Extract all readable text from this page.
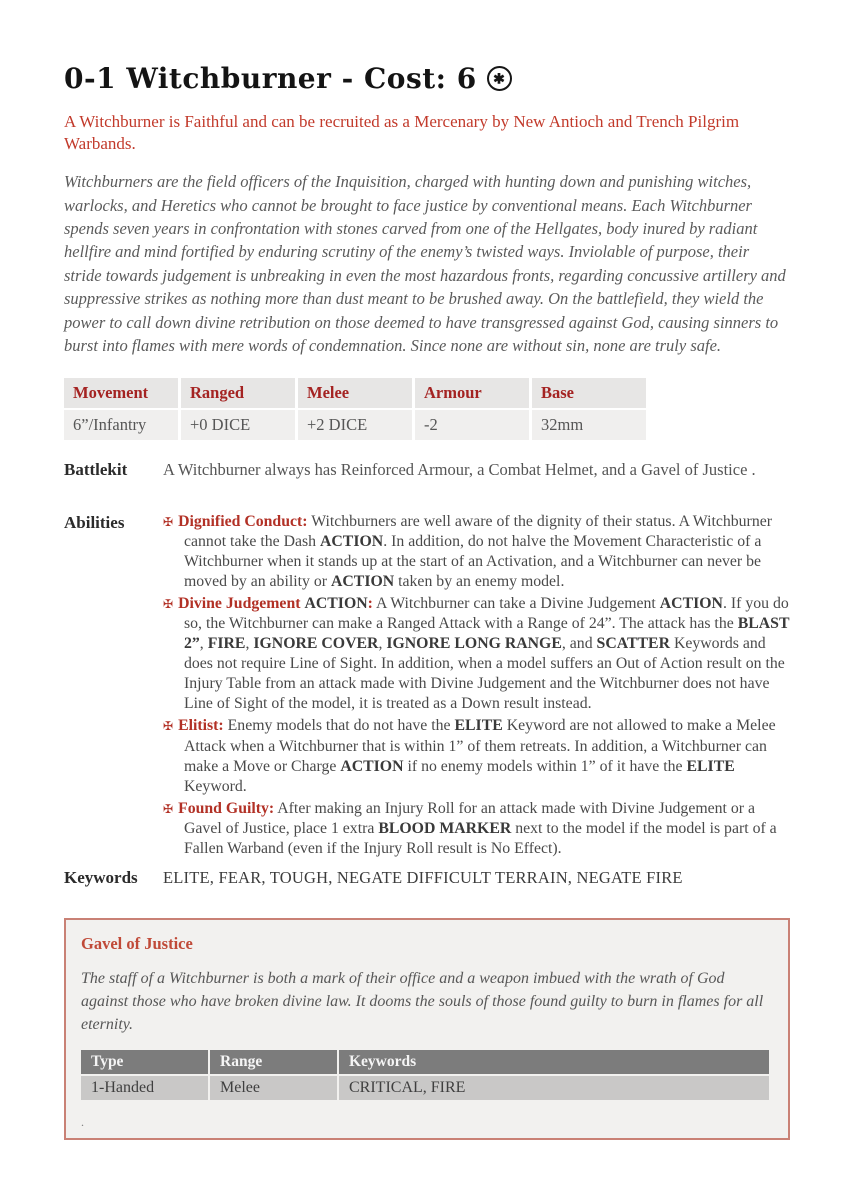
0-1 Witchburner - Cost: 6 ✱

A Witchburner is Faithful and can be recruited as a Mercenary by New Antioch and Trench Pilgrim Warbands.

Witchburners are the field officers of the Inquisition, charged with hunting down and punishing witches, warlocks, and Heretics who cannot be brought to face justice by conventional means. Each Witchburner spends seven years in confrontation with stones carved from one of the Hellgates, body inured by radiant hellfire and mind fortified by enduring scrutiny of the enemy’s twisted ways. Inviolable of purpose, their stride towards judgement is unbreaking in even the most hazardous fronts, regarding concussive artillery and suppressive strikes as nothing more than dust meant to be brushed away. On the battlefield, they wield the power to call down divine retribution on those deemed to have transgressed against God, causing sinners to burst into flames with mere words of condemnation. Since none are without sin, none are truly safe.

Movement	Ranged	Melee	Armour	Base
6”/Infantry	+0 DICE	+2 DICE	-2	32mm
Battlekit	A Witchburner always has Reinforced Armour, a Combat Helmet, and a Gavel of Justice .
Abilities	✠ Dignified Conduct: Witchburners are well aware of the dignity of their status. A Witchburner cannot take the Dash ACTION. In addition, do not halve the Movement Characteristic of a Witchburner when it stands up at the start of an Activation, and a Witchburner can never be moved by an ability or ACTION taken by an enemy model.
✠ Divine Judgement ACTION: A Witchburner can take a Divine Judgement ACTION. If you do so, the Witchburner can make a Ranged Attack with a Range of 24”. The attack has the BLAST 2”, FIRE, IGNORE COVER, IGNORE LONG RANGE, and SCATTER Keywords and does not require Line of Sight. In addition, when a model suffers an Out of Action result on the Injury Table from an attack made with Divine Judgement and the Witchburner does not have Line of Sight of the model, it is treated as a Down result instead.
✠ Elitist: Enemy models that do not have the ELITE Keyword are not allowed to make a Melee Attack when a Witchburner that is within 1” of them retreats. In addition, a Witchburner can make a Move or Charge ACTION if no enemy models within 1” of it have the ELITE Keyword.
✠ Found Guilty: After making an Injury Roll for an attack made with Divine Judgement or a Gavel of Justice, place 1 extra BLOOD MARKER next to the model if the model is part of a Fallen Warband (even if the Injury Roll result is No Effect).
Keywords	ELITE, FEAR, TOUGH, NEGATE DIFFICULT TERRAIN, NEGATE FIRE
Gavel of Justice

The staff of a Witchburner is both a mark of their office and a weapon imbued with the wrath of God against those who have broken divine law. It dooms the souls of those found guilty to burn in flames for all eternity.

Type	Range	Keywords
1-Handed	Melee	CRITICAL, FIRE
.
